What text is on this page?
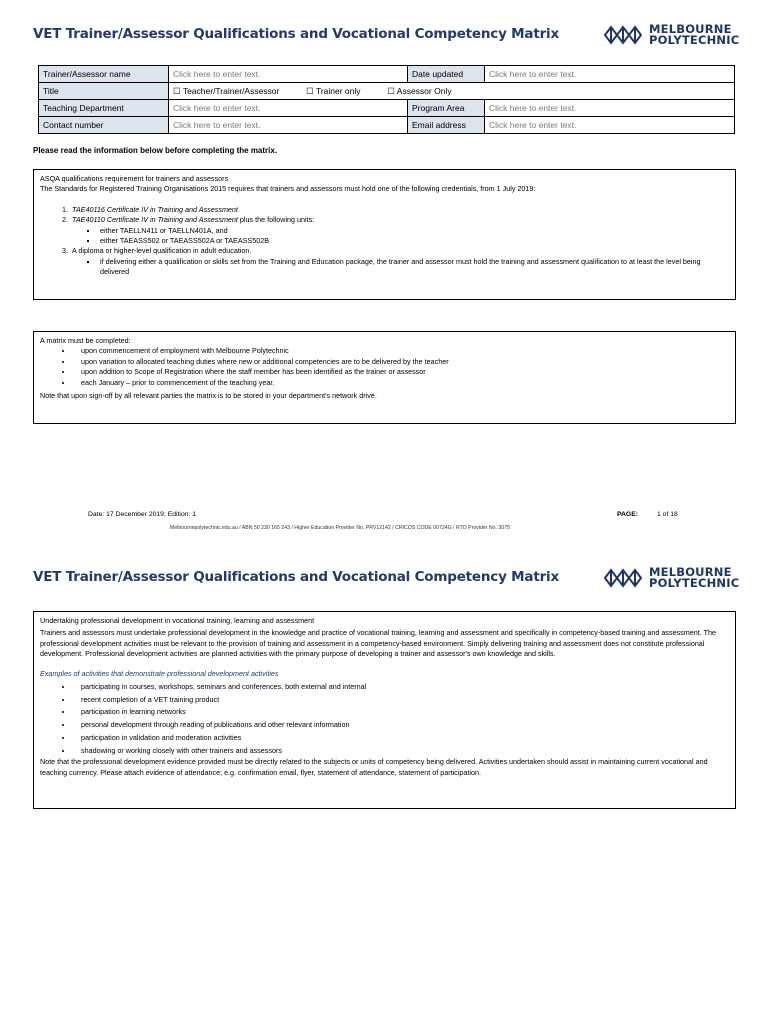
VET Trainer/Assessor Qualifications and Vocational Competency Matrix	MELBOURNE
POLYTECHNIC
Trainer/Assessor name	Click here to enter text.	Date updated	Click here to enter text.
Title	☐ Teacher/Trainer/Assessor ☐ Trainer only ☐ Assessor Only		
Teaching Department	Click here to enter text.	Program Area	Click here to enter text.
Contact number	Click here to enter text.	Email address	Click here to enter text.
Please read the information below before completing the matrix.

ASQA qualifications requirement for trainers and assessors

The Standards for Registered Training Organisations 2015 requires that trainers and assessors must hold one of the following credentials, from 1 July 2019:

1. TAE40116 Certificate IV in Training and Assessment
2. TAE40110 Certificate IV in Training and Assessment plus the following units:
▪ either TAELLN411 or TAELLN401A, and
▪ either TAEASS502 or TAEASS502A or TAEASS502B
3. A diploma or higher-level qualification in adult education.
▪ if delivering either a qualification or skills set from the Training and Education package, the trainer and assessor must hold the training and assessment qualification to at least the level being delivered

A matrix must be completed:

• upon commencement of employment with Melbourne Polytechnic
• upon variation to allocated teaching duties where new or additional competencies are to be delivered by the teacher
• upon addition to Scope of Registration where the staff member has been identified as the trainer or assessor
• each January – prior to commencement of the teaching year.

Note that upon sign-off by all relevant parties the matrix is to be stored in your department's network drive.

Date: 17 December 2019; Edition: 1	PAGE:	1 of 18
Melbournepolytechnic.edu.au / ABN 50 230 165 243 / Higher Education Provider No. PRV12142 / CRICOS CODE 00724G / RTO Provider No. 3075
VET Trainer/Assessor Qualifications and Vocational Competency Matrix	MELBOURNE
POLYTECHNIC

Undertaking professional development in vocational training, learning and assessment

Trainers and assessors must undertake professional development in the knowledge and practice of vocational training, learning and assessment and specifically in competency-based training and assessment. The professional development activities must be relevant to the provision of training and assessment in a competency-based environment. Simply delivering training and assessment does not constitute professional development. Professional development activities are planned activities with the primary purpose of developing a trainer and assessor's own knowledge and skills.

Examples of activities that demonstrate professional development activities

• participating in courses, workshops, seminars and conferences, both external and internal
• recent completion of a VET training product
• participation in learning networks
• personal development through reading of publications and other relevant information
• participation in validation and moderation activities
• shadowing or working closely with other trainers and assessors

Note that the professional development evidence provided must be directly related to the subjects or units of competency being delivered. Activities undertaken should assist in maintaining current vocational and teaching currency. Please attach evidence of attendance; e.g. confirmation email, flyer, statement of attendance, statement of participation.
